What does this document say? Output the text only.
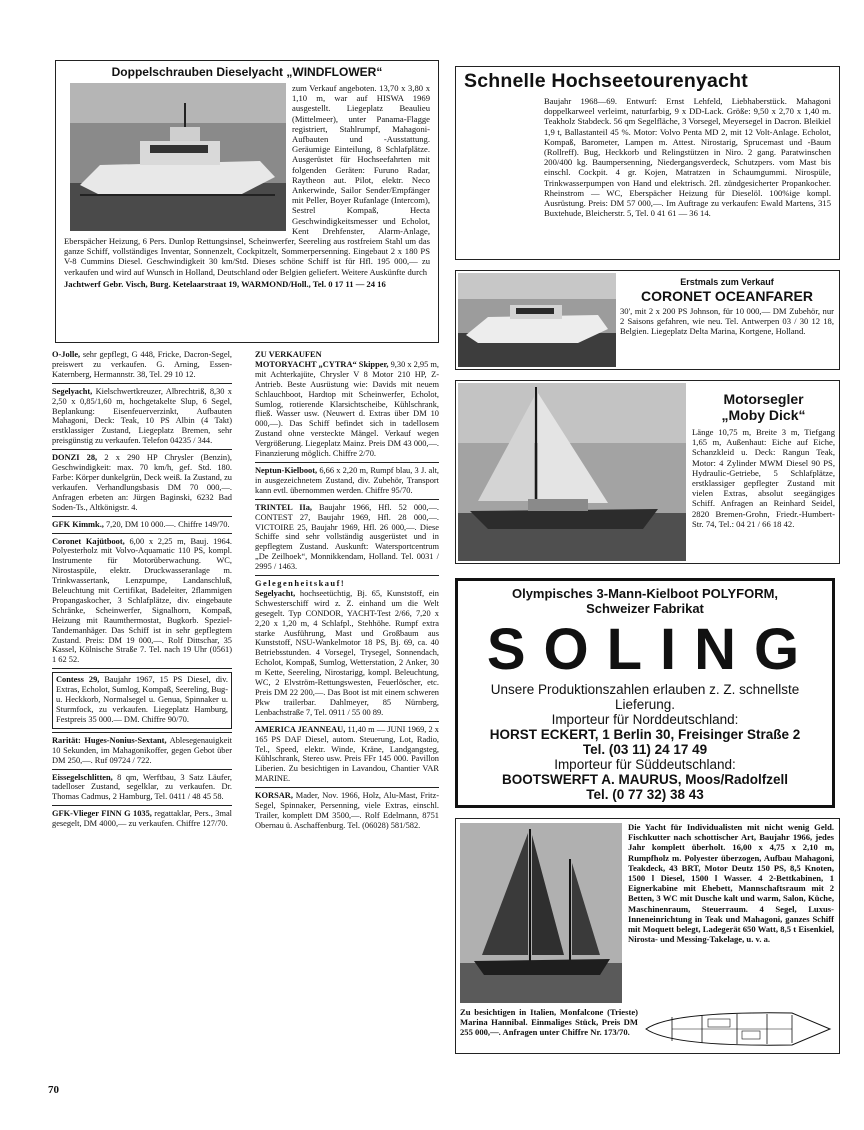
Doppelschrauben Dieselyacht „WINDFLOWER“

zum Verkauf angeboten. 13,70 x 3,80 x 1,10 m, war auf HISWA 1969 ausgestellt. Liegeplatz Beaulieu (Mittelmeer), unter Panama-Flagge registriert, Stahlrumpf, Mahagoni-Aufbauten und -Ausstattung. Geräumige Einteilung, 8 Schlafplätze. Ausgerüstet für Hochseefahrten mit folgenden Geräten: Furuno Radar, Raytheon aut. Pilot, elektr. Neco Ankerwinde, Sailor Sender/Empfänger mit Peller, Boyer Rufanlage (Intercom), Sestrel Kompaß, Hecta Geschwindigkeitsmesser und Echolot, Kent Drehfenster, Alarm-Anlage, Eberspächer Heizung, 6 Pers. Dunlop Rettungsinsel, Scheinwerfer, Seereling aus rostfreiem Stahl um das ganze Schiff, vollständiges Inventar, Sonnenzelt, Cockpitzelt, Sommerpersenning. Eingebaut 2 x 180 PS V-8 Cummins Diesel. Geschwindigkeit 30 km/Std. Dieses schöne Schiff ist für Hfl. 195 000,— zu verkaufen und wird auf Wunsch in Holland, Deutschland oder Belgien geliefert. Weitere Auskünfte durch

Jachtwerf Gebr. Visch, Burg. Ketelaarstraat 19, WARMOND/Holl., Tel. 0 17 11 — 24 16

Schnelle Hochseetourenyacht

Baujahr 1968—69. Entwurf: Ernst Lehfeld, Liebhaberstück. Mahagoni doppelkarweel verleimt, naturfarbig, 9 x DD-Lack. Größe: 9,50 x 2,70 x 1,40 m. Teakholz Stabdeck. 56 qm Segelfläche, 3 Vorsegel, Meyersegel in Dacron. Bleikiel 1,9 t, Ballastanteil 45 %. Motor: Volvo Penta MD 2, mit 12 Volt-Anlage. Echolot, Kompaß, Barometer, Lampen m. Attest. Nirostarig, Sprucemast und -Baum (Rollreff). Bug, Heckkorb und Relingstützen in Niro. 2 gang. Paratwinschen 200/400 kg. Baumpersenning, Niedergangsverdeck, Schutzpers. vom Mast bis einschl. Cockpit. 4 gr. Kojen, Matratzen in Schaumgummi. Nirospüle, Trinkwasserpumpen von Hand und elektrisch. 2fl. zündgesicherter Propankocher. Rheinstrom — WC, Eberspächer Heizung für Dieselöl. 100%ige kompl. Ausrüstung. Preis: DM 57 000,—. Im Auftrage zu verkaufen: Ewald Martens, 315 Buxtehude, Bleicherstr. 5, Tel. 0 41 61 — 36 14.

Erstmals zum Verkauf
CORONET OCEANFARER

30', mit 2 x 200 PS Johnson, für 10 000,— DM Zubehör, nur 2 Saisons gefahren, wie neu. Tel. Antwerpen 03 / 30 12 18, Belgien. Liegeplatz Delta Marina, Kortgene, Holland.

Motorsegler
„Moby Dick“

Länge 10,75 m, Breite 3 m, Tiefgang 1,65 m, Außenhaut: Eiche auf Eiche, Schanzkleid u. Deck: Rangun Teak, Motor: 4 Zylinder MWM Diesel 90 PS, Hydraulic-Getriebe, 5 Schlafplätze, erstklassiger gepflegter Zustand mit vielen Extras, absolut seegängiges Schiff. Anfragen an Reinhard Seidel, 2820 Bremen-Grohn, Friedr.-Humbert-Str. 74, Tel.: 04 21 / 66 18 42.

Olympisches 3-Mann-Kielboot POLYFORM,
Schweizer Fabrikat
SOLING
Unsere Produktionszahlen erlauben z. Z. schnellste
Lieferung.
Importeur für Norddeutschland:
HORST ECKERT, 1 Berlin 30, Freisinger Straße 2
Tel. (03 11) 24 17 49
Importeur für Süddeutschland:
BOOTSWERFT A. MAURUS, Moos/Radolfzell
Tel. (0 77 32) 38 43

Die Yacht für Individualisten mit nicht wenig Geld. Fischkutter nach schottischer Art, Baujahr 1966, jedes Jahr komplett überholt. 16,00 x 4,75 x 2,10 m, Rumpfholz m. Polyester überzogen, Aufbau Mahagoni, Teakdeck, 43 BRT, Motor Deutz 150 PS, 8,5 Knoten, 1500 l Diesel, 1500 l Wasser. 4 2-Bettkabinen, 1 Eignerkabine mit Ehebett, Mannschaftsraum mit 2 Betten, 3 WC mit Dusche kalt und warm, Salon, Küche, Maschinenraum, Steuerraum. 4 Segel, Luxus-Inneneinrichtung in Teak und Mahagoni, ganzes Schiff mit Moquett belegt, Ladegerät 650 Watt, 8,5 t Eisenkiel, Nirosta- und Messing-Takelage, u. v. a.

Zu besichtigen in Italien, Monfalcone (Trieste) Marina Hannibal. Einmaliges Stück, Preis DM 255 000,—. Anfragen unter Chiffre Nr. 173/70.

O-Jolle, sehr gepflegt, G 448, Fricke, Dacron-Segel, preiswert zu verkaufen. G. Arning, Essen-Katernberg, Hermannstr. 38, Tel. 29 10 12.

Segelyacht, Kielschwertkreuzer, Albrechtriß, 8,30 x 2,50 x 0,85/1,60 m, hochgetakelte Slup, 6 Segel, Beplankung: Eisenfeuerverzinkt, Aufbauten Mahagoni, Deck: Teak, 10 PS Albin (4 Takt) erstklassiger Zustand, Liegeplatz Bremen, sehr preisgünstig zu verkaufen. Telefon 04235 / 344.

DONZI 28, 2 x 290 HP Chrysler (Benzin), Geschwindigkeit: max. 70 km/h, gef. Std. 180. Farbe: Körper dunkelgrün, Deck weiß. Ia Zustand, zu verkaufen. Verhandlungsbasis DM 70 000,—. Anfragen erbeten an: Jürgen Baginski, 6232 Bad Soden-Ts., Altkönigstr. 4.

GFK Kimmk., 7,20, DM 10 000.—. Chiffre 149/70.

Coronet Kajütboot, 6,00 x 2,25 m, Bauj. 1964. Polyesterholz mit Volvo-Aquamatic 110 PS, kompl. Instrumente für Motorüberwachung. WC, Nirostaspüle, elektr. Druckwasseranlage m. Trinkwassertank, Lenzpumpe, Landanschluß, Beleuchtung mit Certifikat, Badeleiter, 2flammigen Propangaskocher, 3 Schlafplätze, div. eingebaute Schränke, Scheinwerfer, Signalhorn, Kompaß, Heizung mit Raumthermostat, Bugkorb. Speziel-Tandemanhäger. Das Schiff ist in sehr gepflegtem Zustand. Preis: DM 19 000,—. Rolf Dittschar, 35 Kassel, Kölnische Straße 7. Tel. nach 19 Uhr (0561) 1 62 52.

Contess 29, Baujahr 1967, 15 PS Diesel, div. Extras, Echolot, Sumlog, Kompaß, Seereling, Bug- u. Heckkorb, Normalsegel u. Genua, Spinnaker u. Sturmfock, zu verkaufen. Liegeplatz Hamburg, Festpreis 35 000.— DM. Chiffre 90/70.

Rarität: Huges-Nonius-Sextant, Ablesegenauigkeit 10 Sekunden, im Mahagonikoffer, gegen Gebot über DM 250,—. Ruf 09724 / 722.

Eissegelschlitten, 8 qm, Werftbau, 3 Satz Läufer, tadelloser Zustand, segelklar, zu verkaufen. Dr. Thomas Cadmus, 2 Hamburg, Tel. 0411 / 48 45 58.

GFK-Vlieger FINN G 1035, regattaklar, Pers., 3mal gesegelt, DM 4000,— zu verkaufen. Chiffre 127/70.

ZU VERKAUFEN

MOTORYACHT „CYTRA“ Skipper, 9,30 x 2,95 m, mit Achterkajüte, Chrysler V 8 Motor 210 HP, Z-Antrieb. Beste Ausrüstung wie: Davids mit neuem Schlauchboot, Hardtop mit Scheinwerfer, Echolot, Sumlog, rotierende Klarsichtscheibe, Kühlschrank, fließ. Wasser usw. (Neuwert d. Extras über DM 10 000,—). Das Schiff befindet sich in tadellosem Zustand ohne versteckte Mängel. Verkauf wegen Vergrößerung. Liegeplatz Mainz. Preis DM 43 000,—. Finanzierung möglich. Chiffre 2/70.

Neptun-Kielboot, 6,66 x 2,20 m, Rumpf blau, 3 J. alt, in ausgezeichnetem Zustand, div. Zubehör, Transport kann evtl. übernommen werden. Chiffre 95/70.

TRINTEL IIa, Baujahr 1966, Hfl. 52 000,—. CONTEST 27, Baujahr 1969, Hfl. 28 000,—. VICTOIRE 25, Baujahr 1969, Hfl. 26 000,—. Diese Schiffe sind sehr vollständig ausgerüstet und in gepflegtem Zustand. Auskunft: Watersportcentrum „De Zeilhoek“, Monnikkendam, Holland. Tel. 0031 / 2995 / 1463.

Gelegenheitskauf!

Segelyacht, hochseetüchtig, Bj. 65, Kunststoff, ein Schwesterschiff wird z. Z. einhand um die Welt gesegelt. Typ CONDOR, YACHT-Test 2/66, 7,20 x 2,20 x 1,20 m, 4 Schlafpl., Stehhöhe. Rumpf extra starke Ausführung, Mast und Großbaum aus Kunststoff, NSU-Wankelmotor 18 PS, Bj. 69, ca. 40 Betriebsstunden. 4 Vorsegel, Trysegel, Sonnendach, Echolot, Kompaß, Sumlog, Wetterstation, 2 Anker, 30 m Kette, Seereling, Nirostarigg, kompl. Beleuchtung, WC, 2 Elvström-Rettungswesten, Feuerlöscher, etc. Preis DM 22 200,—. Das Boot ist mit einem schweren Pkw trailerbar. Dahlmeyer, 85 Nürnberg, Lenbachstraße 7, Tel. 0911 / 55 00 89.

AMERICA JEANNEAU, 11,40 m — JUNI 1969, 2 x 165 PS DAF Diesel, autom. Steuerung, Lot, Radio, Tel., Speed, elektr. Winde, Kräne, Landgangsteg, Kühlschrank, Stereo usw. Preis FFr 145 000. Pavillon Liberien. Zu besichtigen in Lavandou, Chantier VAR MARINE.

KORSAR, Mader, Nov. 1966, Holz, Alu-Mast, Fritz-Segel, Spinnaker, Persenning, viele Extras, einschl. Trailer, komplett DM 3500,—. Rolf Edelmann, 8751 Obernau ü. Aschaffenburg. Tel. (06028) 581/582.

70
